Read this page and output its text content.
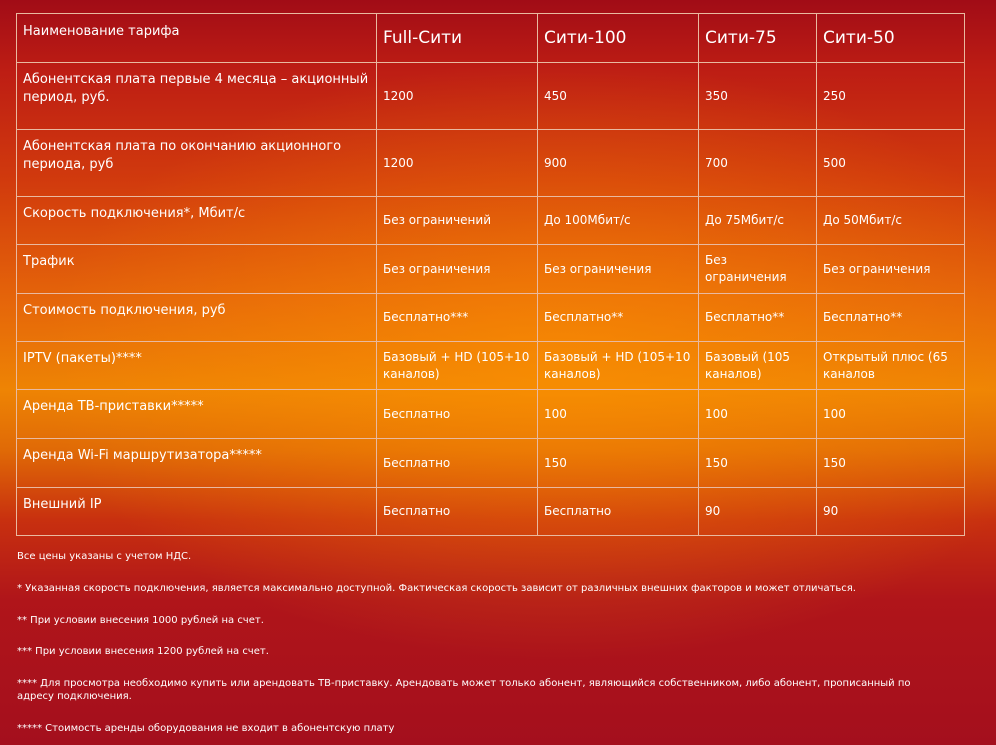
Наименование тарифа	Full-Сити	Сити-100	Сити-75	Сити-50
Абонентская плата первые 4 месяца – акционный период, руб.	1200	450	350	250
Абонентская плата по окончанию акционного периода, руб	1200	900	700	500
Скорость подключения*, Мбит/с	Без ограничений	До 100Мбит/с	До 75Мбит/с	До 50Мбит/с
Трафик	Без ограничения	Без ограничения	Без ограничения	Без ограничения
Стоимость подключения, руб	Бесплатно***	Бесплатно**	Бесплатно**	Бесплатно**
IPTV (пакеты)****	Базовый + HD (105+10 каналов)	Базовый + HD (105+10 каналов)	Базовый (105 каналов)	Открытый плюс (65 каналов
Аренда ТВ-приставки*****	Бесплатно	100	100	100
Аренда Wi-Fi маршрутизатора*****	Бесплатно	150	150	150
Внешний IP	Бесплатно	Бесплатно	90	90

Все цены указаны с учетом НДС.

* Указанная скорость подключения, является максимально доступной. Фактическая скорость зависит от различных внешних факторов и может отличаться.

** При условии внесения 1000 рублей на счет.

*** При условии внесения 1200 рублей на счет.

**** Для просмотра необходимо купить или арендовать ТВ-приставку. Арендовать может только абонент, являющийся собственником, либо абонент, прописанный по адресу подключения.

***** Стоимость аренды оборудования не входит в абонентскую плату
